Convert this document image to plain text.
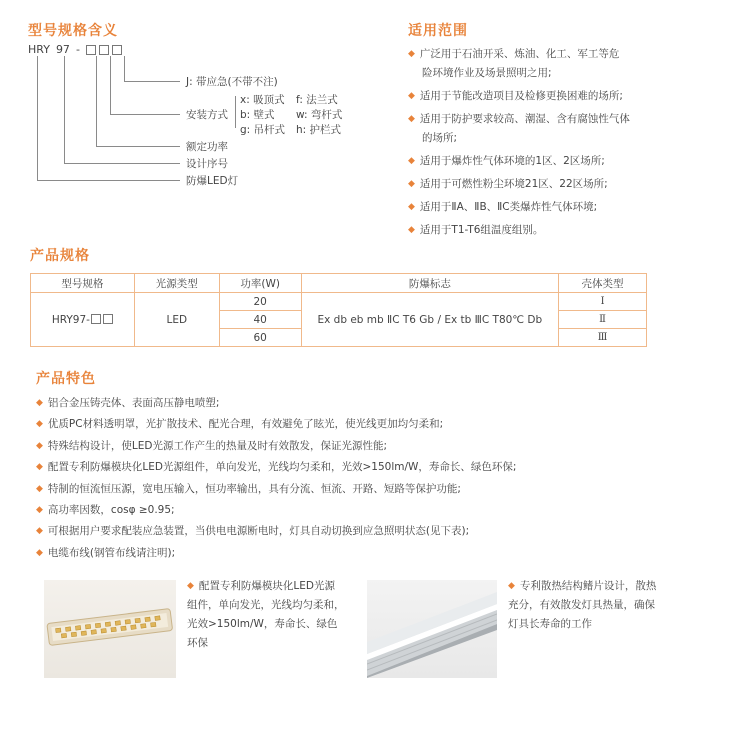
型号规格含义
HRY 97 -
J: 带应急(不带不注)
安装方式
x: 吸顶式 f: 法兰式
b: 壁式 w: 弯杆式
g: 吊杆式 h: 护栏式
额定功率
设计序号
防爆LED灯
适用范围
◆ 广泛用于石油开采、炼油、化工、军工等危
险环境作业及场景照明之用;
◆ 适用于节能改造项目及检修更换困难的场所;
◆ 适用于防护要求较高、潮湿、含有腐蚀性气体
的场所;
◆ 适用于爆炸性气体环境的1区、2区场所;
◆ 适用于可燃性粉尘环境21区、22区场所;
◆ 适用于ⅡA、ⅡB、ⅡC类爆炸性气体环境;
◆ 适用于T1-T6组温度组别。
产品规格
型号规格	光源类型	功率(W)	防爆标志	壳体类型
HRY97-	LED	20	Ex db eb mb ⅡC T6 Gb / Ex tb ⅢC T80℃ Db	Ⅰ
		40		Ⅱ
		60		Ⅲ
产品特色
◆ 铝合金压铸壳体、表面高压静电喷塑;
◆ 优质PC材料透明罩，光扩散技术、配光合理，有效避免了眩光，使光线更加均匀柔和;
◆ 特殊结构设计，使LED光源工作产生的热量及时有效散发，保证光源性能;
◆ 配置专利防爆模块化LED光源组件，单向发光，光线均匀柔和，光效>150lm/W，寿命长、绿色环保;
◆ 特制的恒流恒压源，宽电压输入，恒功率输出，具有分流、恒流、开路、短路等保护功能;
◆ 高功率因数，cosφ ≥0.95;
◆ 可根据用户要求配装应急装置，当供电电源断电时，灯具自动切换到应急照明状态(见下表);
◆ 电缆布线(钢管布线请注明);
◆ 配置专利防爆模块化LED光源
组件，单向发光，光线均匀柔和，
光效>150lm/W，寿命长、绿色
环保
◆ 专利散热结构鳍片设计，散热
充分，有效散发灯具热量，确保
灯具长寿命的工作
